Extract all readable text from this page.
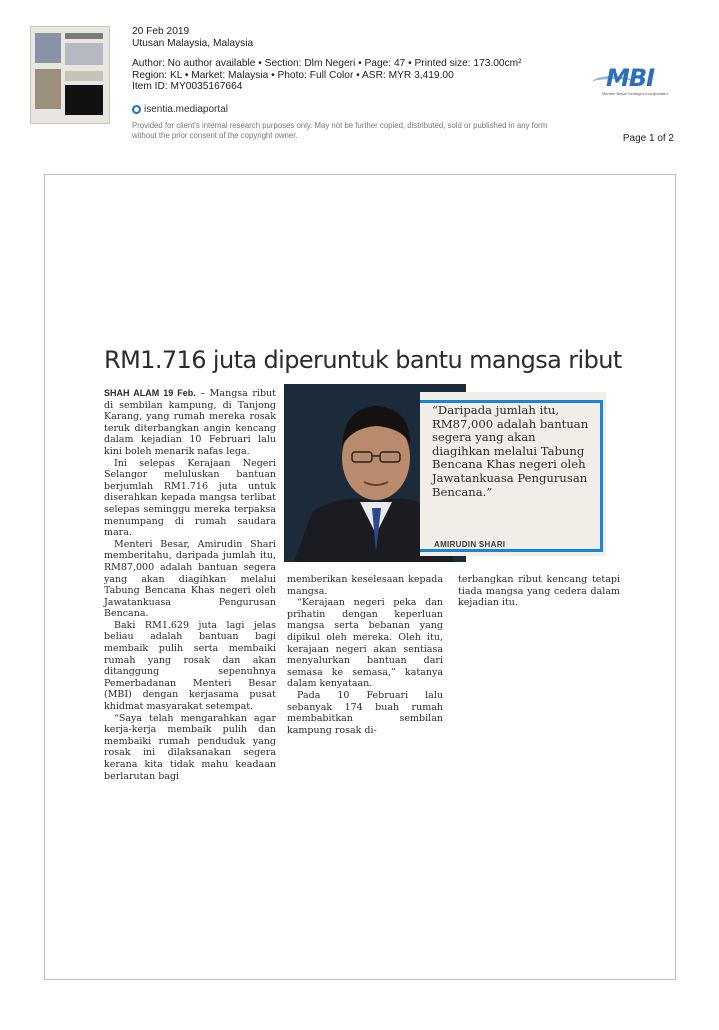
20 Feb 2019
Utusan Malaysia, Malaysia
Author: No author available • Section: Dlm Negeri • Page: 47 • Printed size: 173.00cm²
Region: KL • Market: Malaysia • Photo: Full Color • ASR: MYR 3,419.00
Item ID: MY0035167664
isentia.mediaportal
Provided for client's internal research purposes only. May not be further copied, distributed, sold or published in any form without the prior consent of the copyright owner.
MBI
Menteri Besar Selangor Incorporated
Page 1 of 2
RM1.716 juta diperuntuk bantu mangsa ribut

SHAH ALAM 19 Feb. – Mangsa ribut di sembilan kampung, di Tanjong Karang, yang rumah mereka rosak teruk diterbangkan angin kencang dalam kejadian 10 Februari lalu kini boleh menarik nafas lega.

Ini selepas Kerajaan Negeri Selangor meluluskan bantuan berjumlah RM1.716 juta untuk diserahkan kepada mangsa terlibat selepas seminggu mereka terpaksa menumpang di rumah saudara mara.

Menteri Besar, Amirudin Shari memberitahu, daripada jumlah itu, RM87,000 adalah bantuan segera yang akan diagihkan melalui Tabung Bencana Khas negeri oleh Jawatankuasa Pengurusan Bencana.

Baki RM1.629 juta lagi jelas beliau adalah bantuan bagi membaik pulih serta membaiki rumah yang rosak dan akan ditanggung sepenuhnya Pemerbadanan Menteri Besar (MBI) dengan kerjasama pusat khidmat masyarakat setempat.

“Saya telah mengarahkan agar kerja-kerja membaik pulih dan membaiki rumah penduduk yang rosak ini dilaksanakan segera kerana kita tidak mahu keadaan berlarutan bagi

“Daripada jumlah itu, RM87,000 adalah bantuan segera yang akan diagihkan melalui Tabung Bencana Khas negeri oleh Jawatankuasa Pengurusan Bencana.”
AMIRUDIN SHARI

memberikan keselesaan kepada mangsa.

“Kerajaan negeri peka dan prihatin dengan keperluan mangsa serta bebanan yang dipikul oleh mereka. Oleh itu, kerajaan negeri akan sentiasa menyalurkan bantuan dari semasa ke semasa,” katanya dalam kenyataan.

Pada 10 Februari lalu sebanyak 174 buah rumah membabitkan sembilan kampung rosak di-

terbangkan ribut kencang tetapi tiada mangsa yang cedera dalam kejadian itu.
